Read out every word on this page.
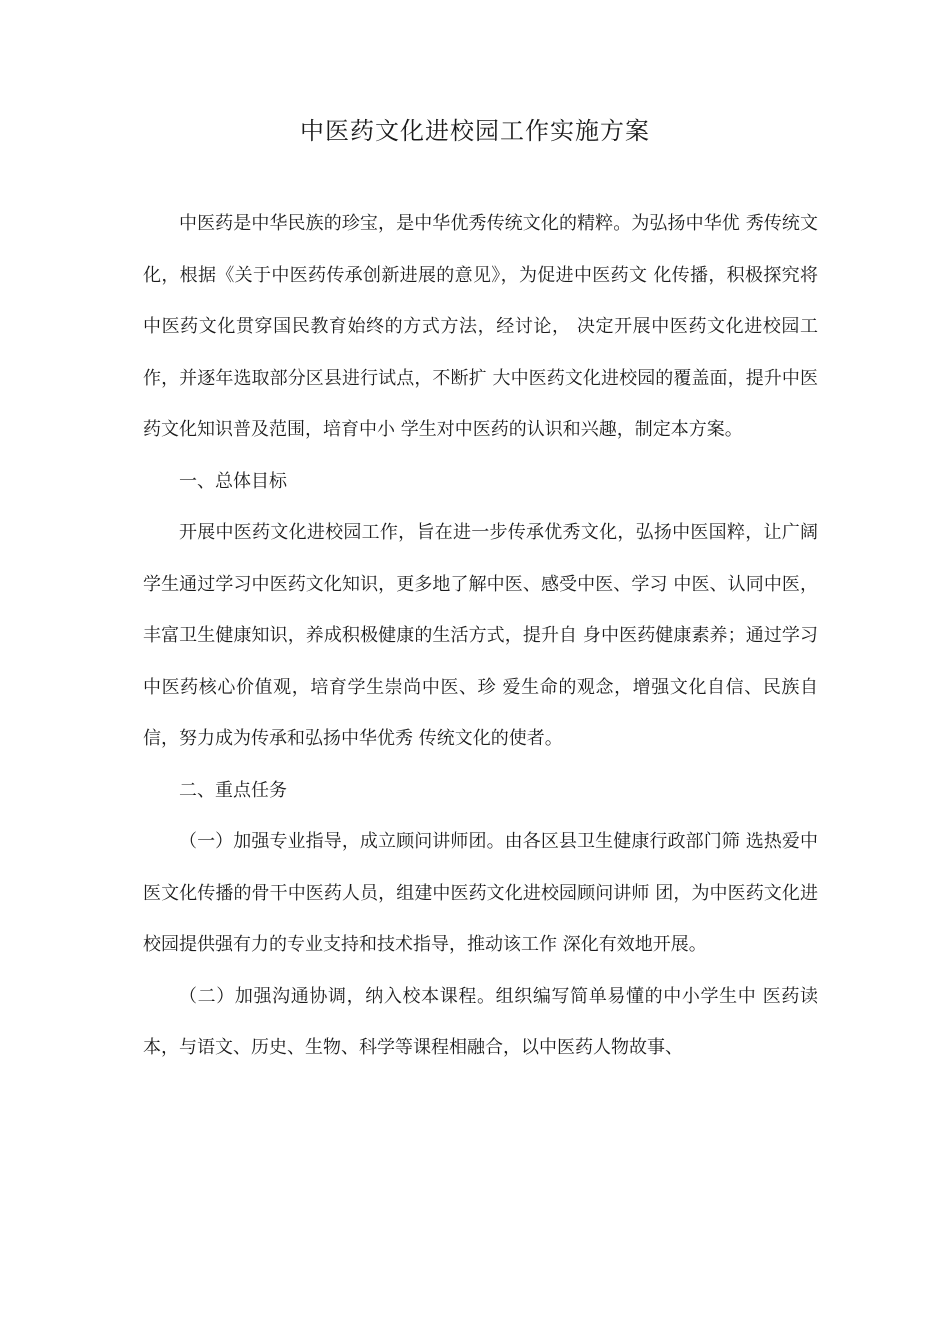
中医药文化进校园工作实施方案

中医药是中华民族的珍宝，是中华优秀传统文化的精粹。为弘扬中华优 秀传统文化，根据《关于中医药传承创新进展的意见》，为促进中医药文 化传播，积极探究将中医药文化贯穿国民教育始终的方式方法，经讨论， 决定开展中医药文化进校园工作，并逐年选取部分区县进行试点，不断扩 大中医药文化进校园的覆盖面，提升中医药文化知识普及范围，培育中小 学生对中医药的认识和兴趣，制定本方案。

一、总体目标

开展中医药文化进校园工作，旨在进一步传承优秀文化，弘扬中医国粹，让广阔学生通过学习中医药文化知识，更多地了解中医、感受中医、学习 中医、认同中医，丰富卫生健康知识，养成积极健康的生活方式，提升自 身中医药健康素养；通过学习中医药核心价值观，培育学生崇尚中医、珍 爱生命的观念，增强文化自信、民族自信，努力成为传承和弘扬中华优秀 传统文化的使者。

二、重点任务

（一）加强专业指导，成立顾问讲师团。由各区县卫生健康行政部门筛 选热爱中医文化传播的骨干中医药人员，组建中医药文化进校园顾问讲师 团，为中医药文化进校园提供强有力的专业支持和技术指导，推动该工作 深化有效地开展。

（二）加强沟通协调，纳入校本课程。组织编写简单易懂的中小学生中 医药读本，与语文、历史、生物、科学等课程相融合，以中医药人物故事、
